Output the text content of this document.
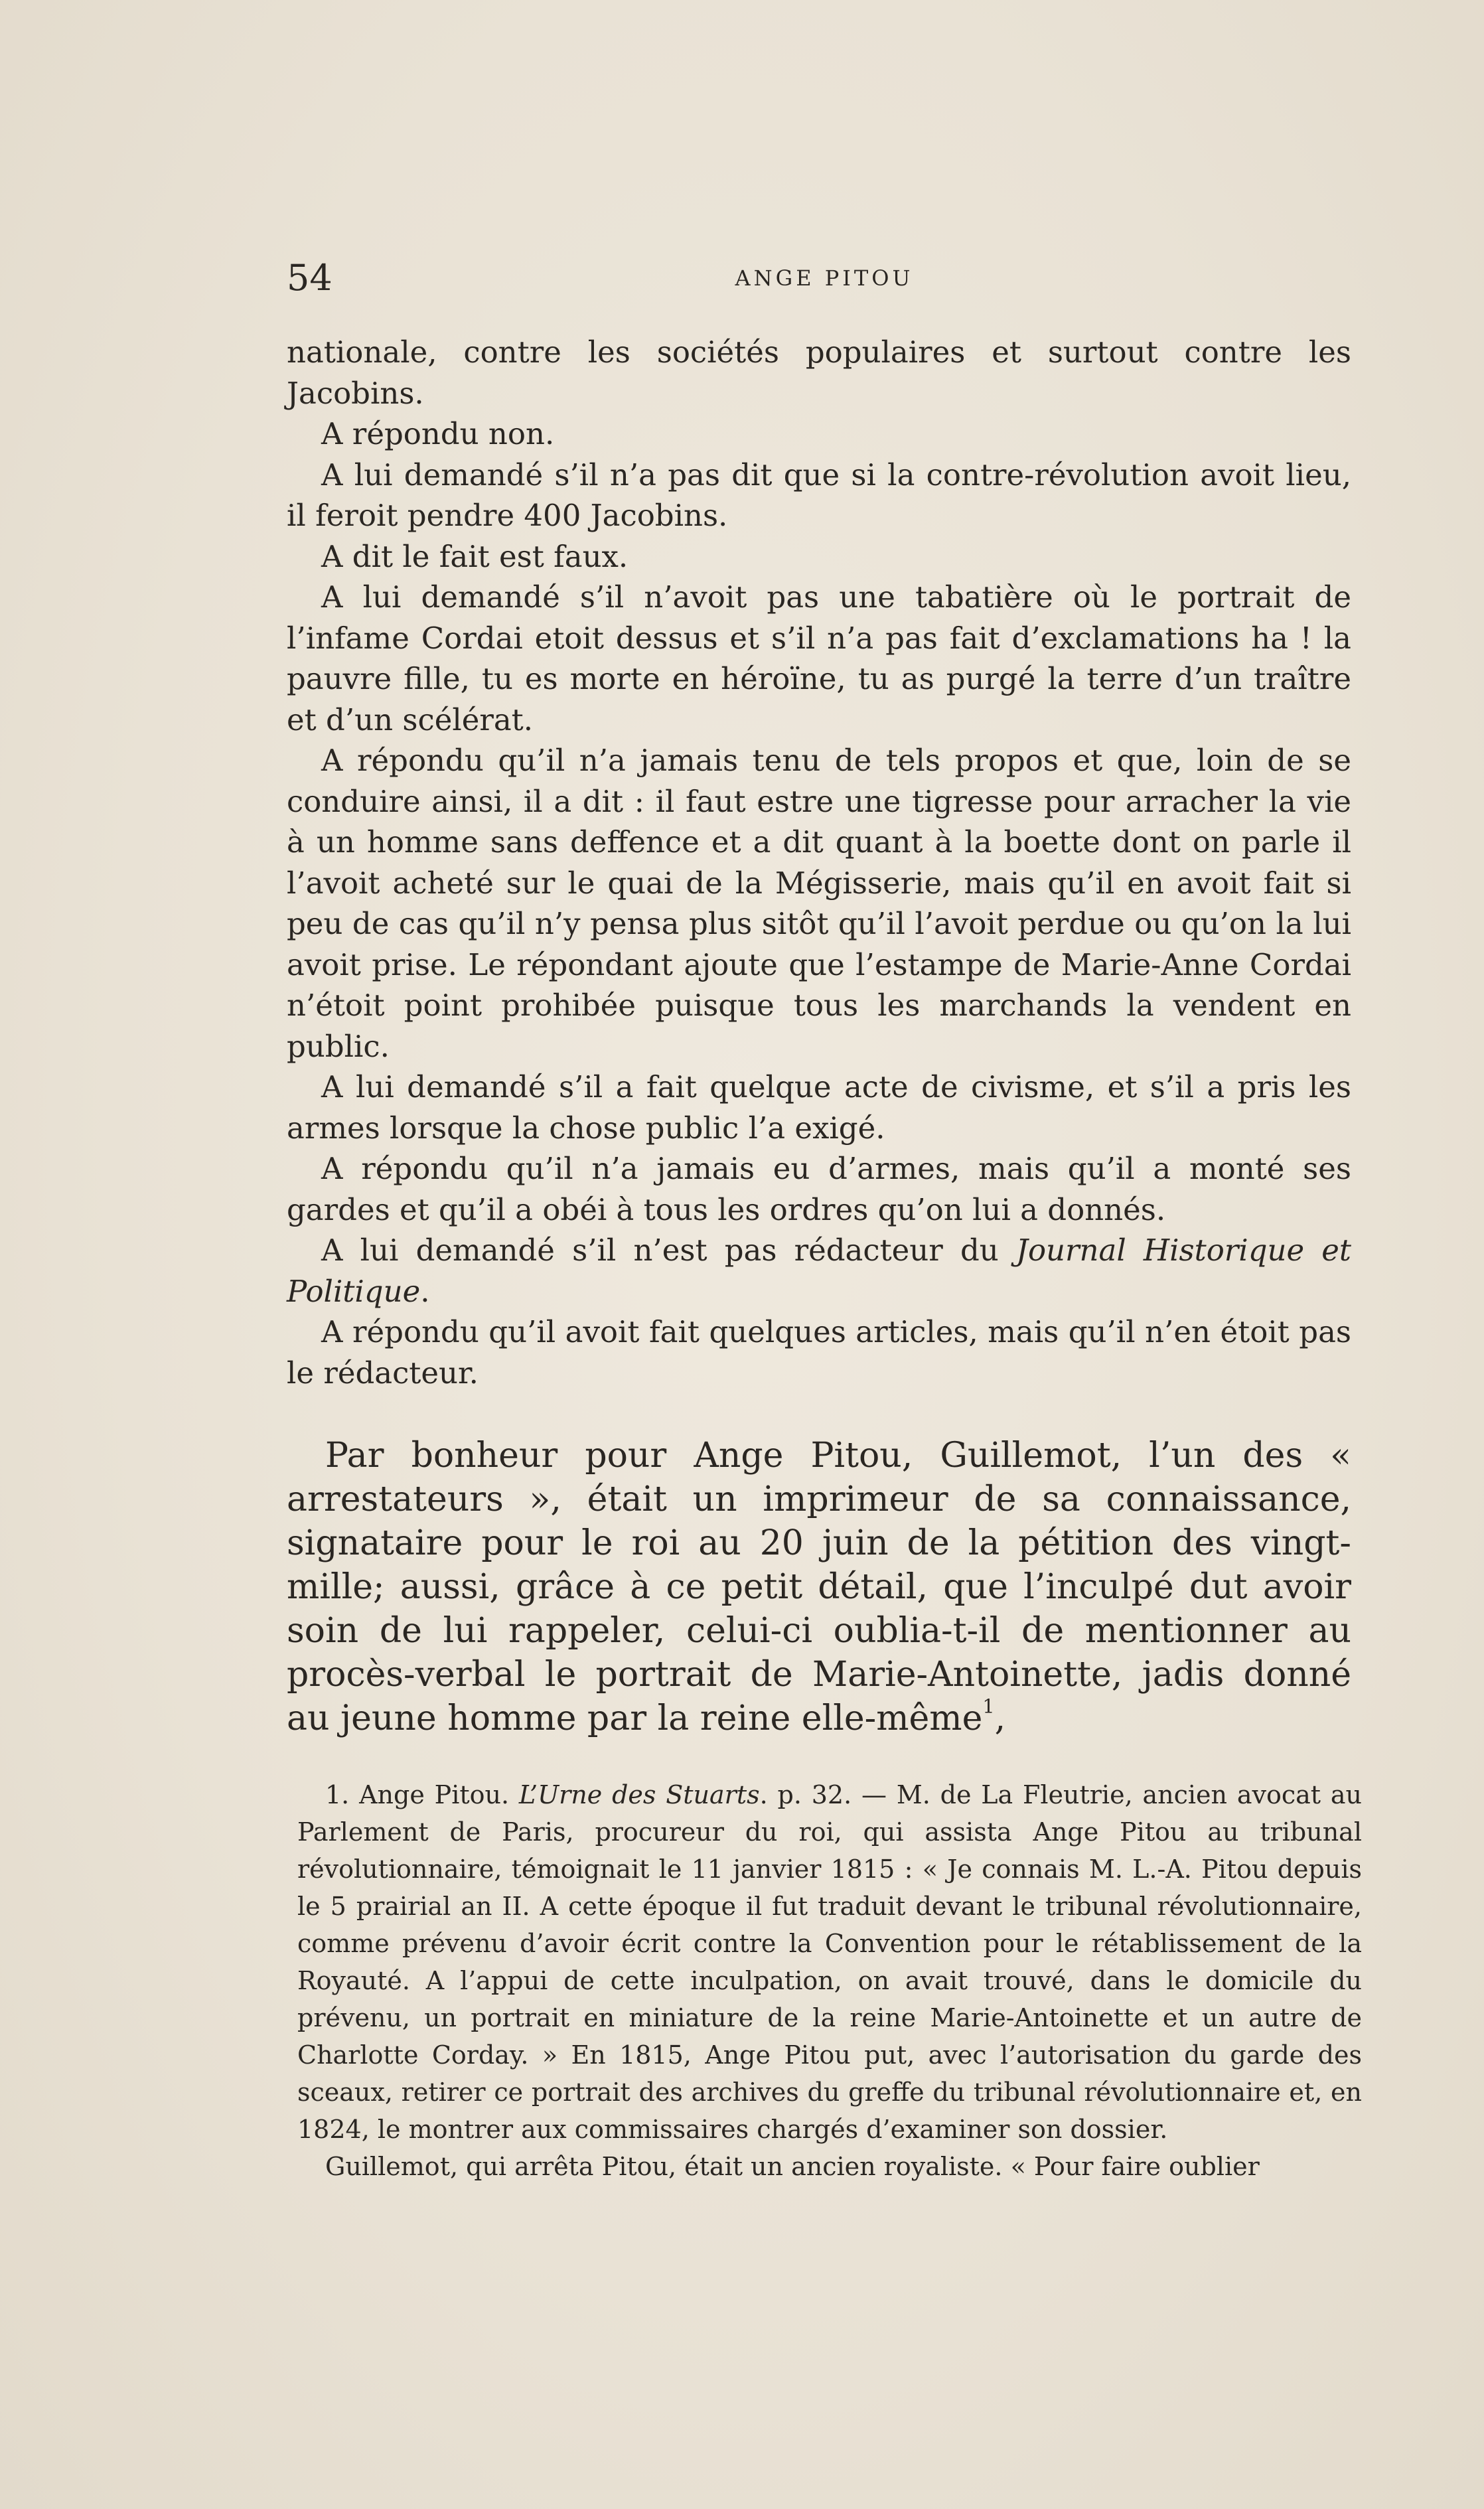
54	ANGE PITOU

nationale, contre les sociétés populaires et surtout contre les Jacobins.

A répondu non.

A lui demandé s’il n’a pas dit que si la contre-révolution avoit lieu, il feroit pendre 400 Jacobins.

A dit le fait est faux.

A lui demandé s’il n’avoit pas une tabatière où le portrait de l’infame Cordai etoit dessus et s’il n’a pas fait d’exclamations ha ! la pauvre fille, tu es morte en héroïne, tu as purgé la terre d’un traître et d’un scélérat.

A répondu qu’il n’a jamais tenu de tels propos et que, loin de se conduire ainsi, il a dit : il faut estre une tigresse pour arracher la vie à un homme sans deffence et a dit quant à la boette dont on parle il l’avoit acheté sur le quai de la Mégisserie, mais qu’il en avoit fait si peu de cas qu’il n’y pensa plus sitôt qu’il l’avoit perdue ou qu’on la lui avoit prise. Le répondant ajoute que l’estampe de Marie-Anne Cordai n’étoit point prohibée puisque tous les marchands la vendent en public.

A lui demandé s’il a fait quelque acte de civisme, et s’il a pris les armes lorsque la chose public l’a exigé.

A répondu qu’il n’a jamais eu d’armes, mais qu’il a monté ses gardes et qu’il a obéi à tous les ordres qu’on lui a donnés.

A lui demandé s’il n’est pas rédacteur du Journal Historique et Politique.

A répondu qu’il avoit fait quelques articles, mais qu’il n’en étoit pas le rédacteur.

Par bonheur pour Ange Pitou, Guillemot, l’un des « arrestateurs », était un imprimeur de sa connaissance, signataire pour le roi au 20 juin de la pétition des vingt-mille; aussi, grâce à ce petit détail, que l’inculpé dut avoir soin de lui rappeler, celui-ci oublia-t-il de mentionner au procès-verbal le portrait de Marie-Antoinette, jadis donné au jeune homme par la reine elle-même$^1$,

1. Ange Pitou. L’Urne des Stuarts. p. 32. — M. de La Fleutrie, ancien avocat au Parlement de Paris, procureur du roi, qui assista Ange Pitou au tribunal révolutionnaire, témoignait le 11 janvier 1815 : « Je connais M. L.-A. Pitou depuis le 5 prairial an II. A cette époque il fut traduit devant le tribunal révolutionnaire, comme prévenu d’avoir écrit contre la Convention pour le rétablissement de la Royauté. A l’appui de cette inculpation, on avait trouvé, dans le domicile du prévenu, un portrait en miniature de la reine Marie-Antoinette et un autre de Charlotte Corday. » En 1815, Ange Pitou put, avec l’autorisation du garde des sceaux, retirer ce portrait des archives du greffe du tribunal révolutionnaire et, en 1824, le montrer aux commissaires chargés d’examiner son dossier.

Guillemot, qui arrêta Pitou, était un ancien royaliste. « Pour faire oublier
